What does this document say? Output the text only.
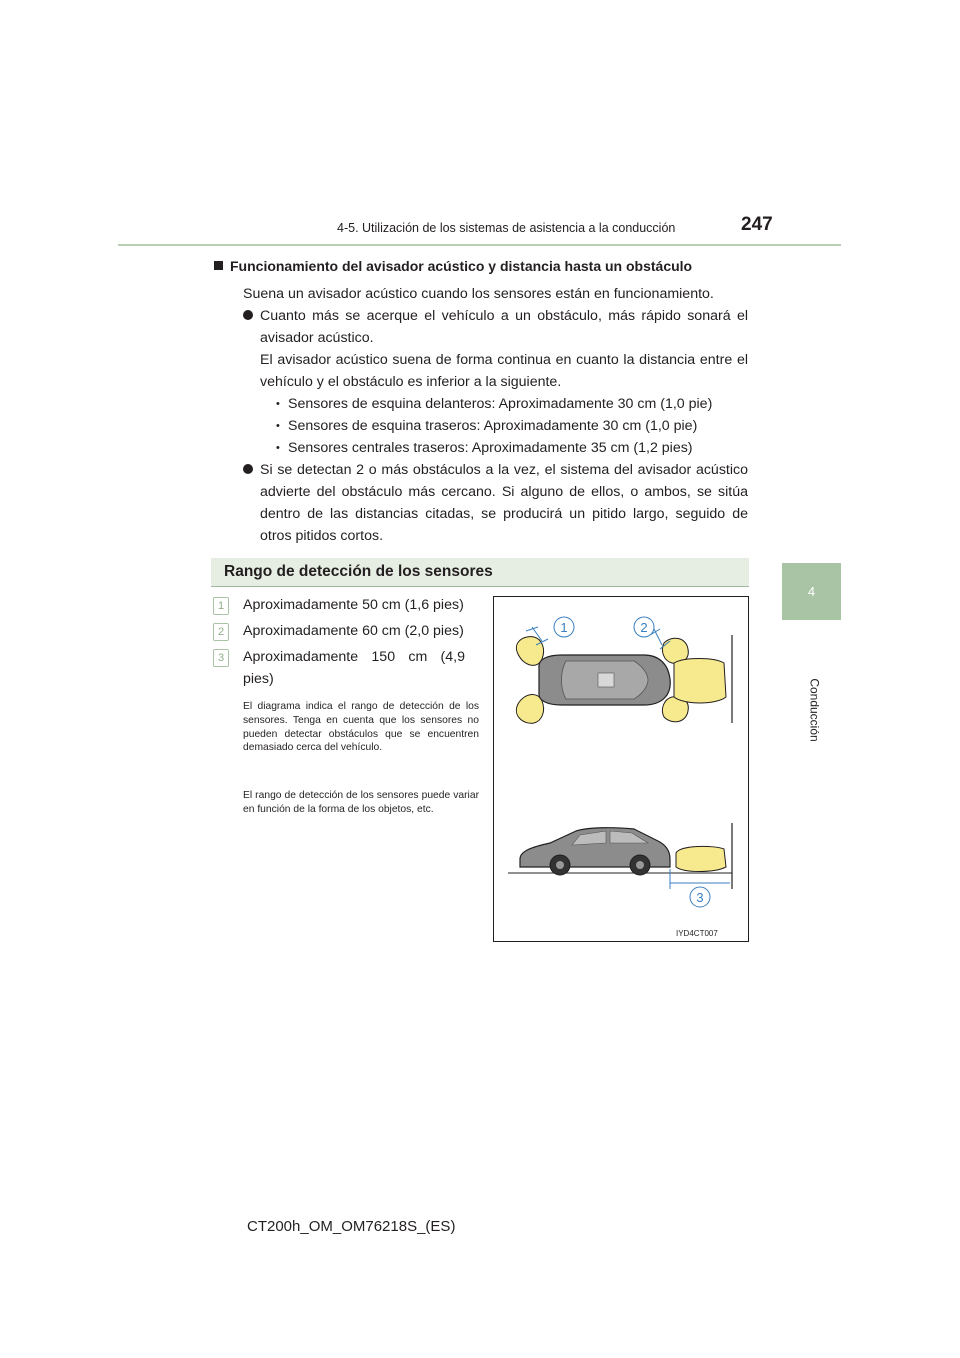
4-5. Utilización de los sistemas de asistencia a la conducción	247
4
Conducción
Funcionamiento del avisador acústico y distancia hasta un obstáculo
Suena un avisador acústico cuando los sensores están en funcionamiento.
Cuanto más se acerque el vehículo a un obstáculo, más rápido sonará el avisador acústico.
El avisador acústico suena de forma continua en cuanto la distancia entre el vehículo y el obstáculo es inferior a la siguiente.
• Sensores de esquina delanteros: Aproximadamente 30 cm (1,0 pie)
• Sensores de esquina traseros: Aproximadamente 30 cm (1,0 pie)
• Sensores centrales traseros: Aproximadamente 35 cm (1,2 pies)
Si se detectan 2 o más obstáculos a la vez, el sistema del avisador acústico advierte del obstáculo más cercano. Si alguno de ellos, o ambos, se sitúa dentro de las distancias citadas, se producirá un pitido largo, seguido de otros pitidos cortos.
Rango de detección de los sensores
1	Aproximadamente 50 cm (1,6 pies)
2	Aproximadamente 60 cm (2,0 pies)
3	Aproximadamente 150 cm (4,9
pies)
El diagrama indica el rango de detección de los sensores. Tenga en cuenta que los sensores no pueden detectar obstáculos que se encuentren demasiado cerca del vehículo.
El rango de detección de los sensores puede variar en función de la forma de los objetos, etc.
1	2
3
IYD4CT007
CT200h_OM_OM76218S_(ES)
